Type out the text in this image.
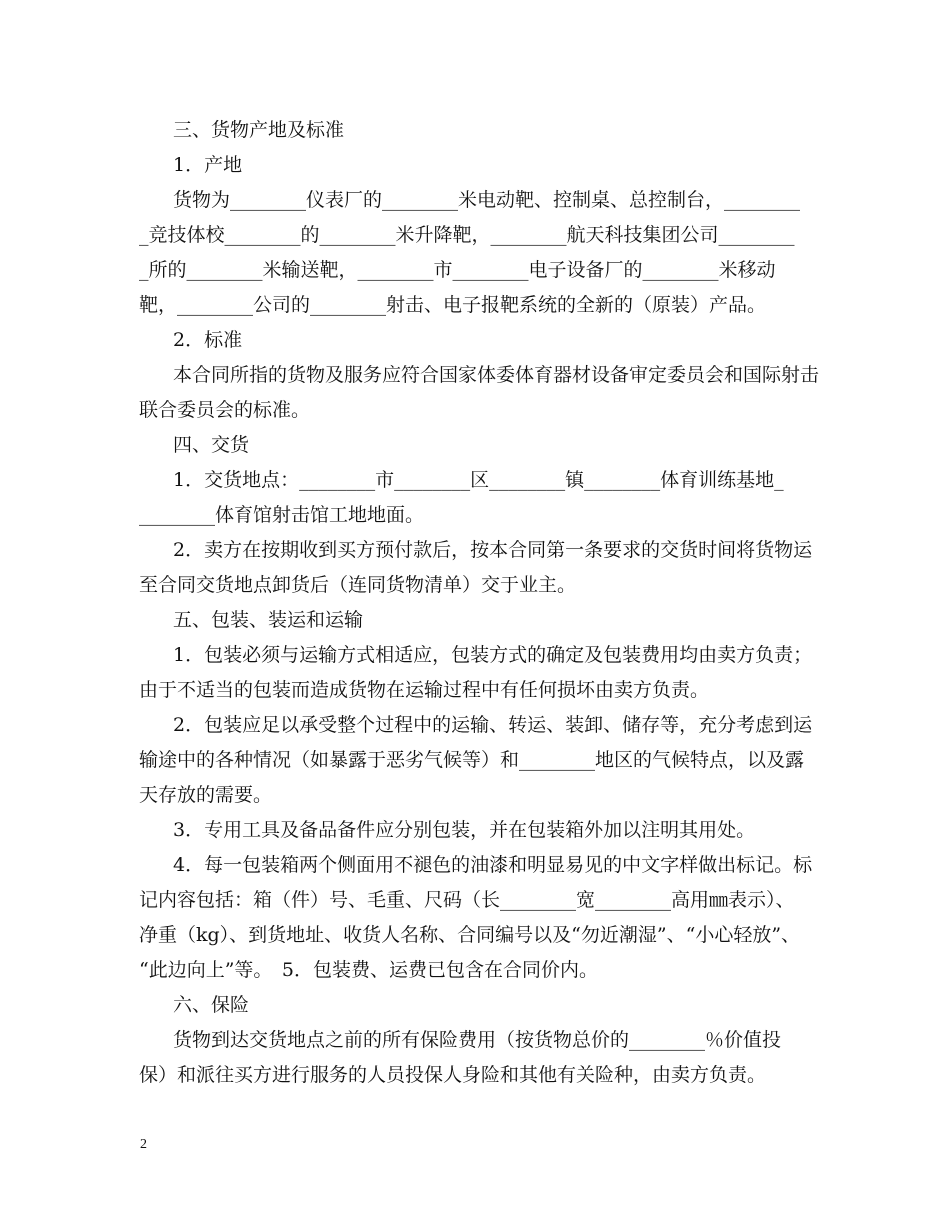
三、货物产地及标准
1．产地
货物为________仪表厂的________米电动靶、控制桌、总控制台，________
_竞技体校________的________米升降靶，________航天科技集团公司________
_所的________米输送靶，________市________电子设备厂的________米移动
靶，________公司的________射击、电子报靶系统的全新的（原装）产品。
2．标准
本合同所指的货物及服务应符合国家体委体育器材设备审定委员会和国际射击
联合委员会的标准。
四、交货
1．交货地点：________市________区________镇________体育训练基地_
________体育馆射击馆工地地面。
2．卖方在按期收到买方预付款后，按本合同第一条要求的交货时间将货物运
至合同交货地点卸货后（连同货物清单）交于业主。
五、包装、装运和运输
1．包装必须与运输方式相适应，包装方式的确定及包装费用均由卖方负责；
由于不适当的包装而造成货物在运输过程中有任何损坏由卖方负责。
2．包装应足以承受整个过程中的运输、转运、装卸、储存等，充分考虑到运
输途中的各种情况（如暴露于恶劣气候等）和________地区的气候特点，以及露
天存放的需要。
3．专用工具及备品备件应分别包装，并在包装箱外加以注明其用处。
4．每一包装箱两个侧面用不褪色的油漆和明显易见的中文字样做出标记。标
记内容包括：箱（件）号、毛重、尺码（长________宽________高用㎜表示）、
净重（kg）、到货地址、收货人名称、合同编号以及“勿近潮湿”、“小心轻放”、
“此边向上”等。　5．包装费、运费已包含在合同价内。
六、保险
货物到达交货地点之前的所有保险费用（按货物总价的________％价值投
保）和派往买方进行服务的人员投保人身险和其他有关险种，由卖方负责。
2
